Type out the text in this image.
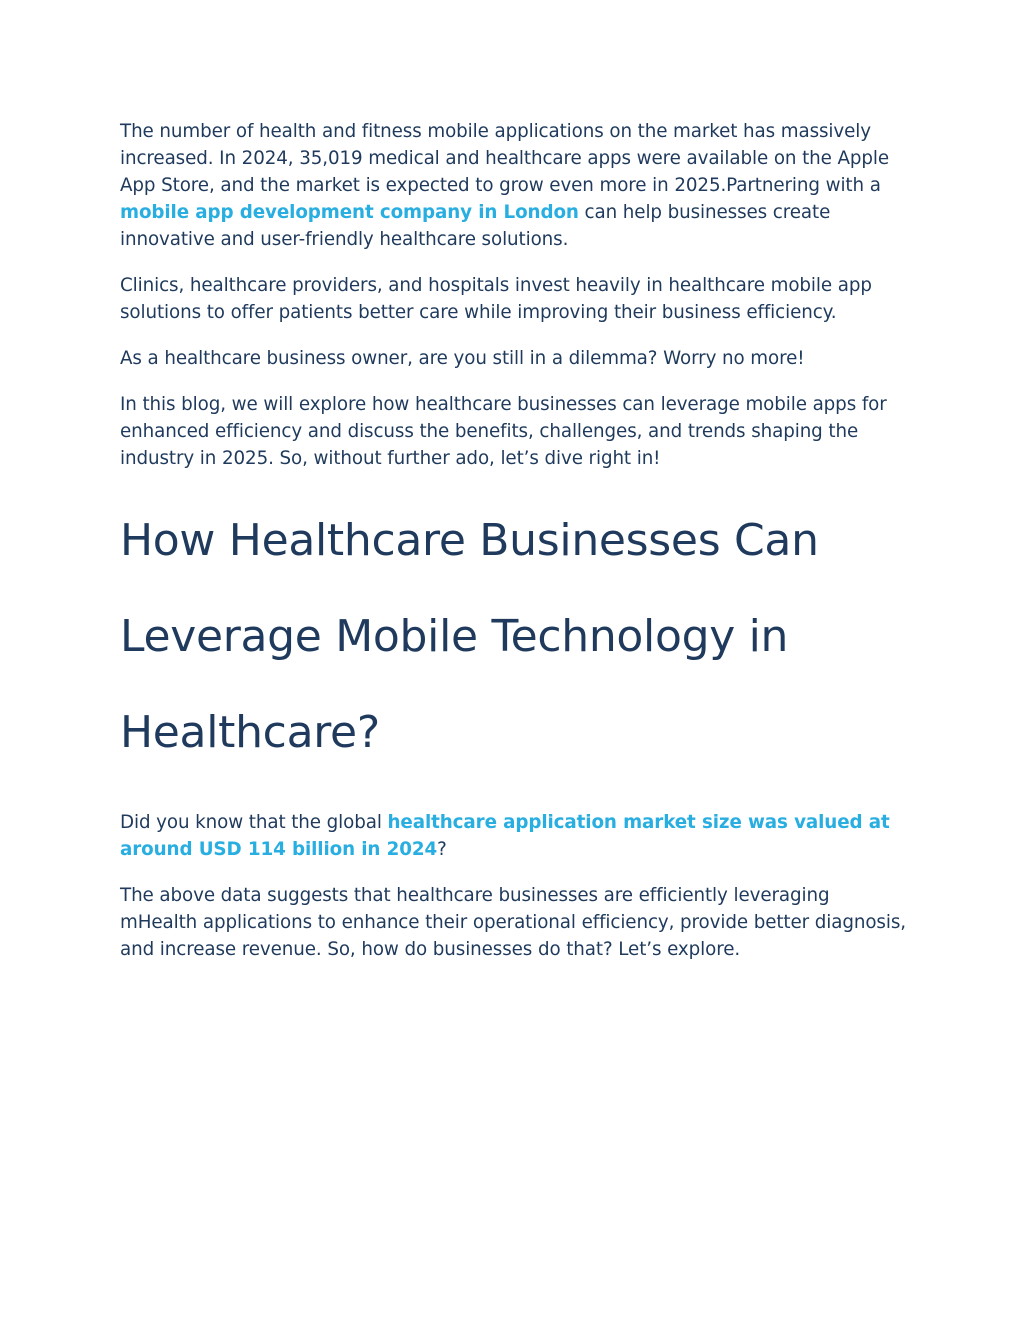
The number of health and fitness mobile applications on the market has massively increased. In 2024, 35,019 medical and healthcare apps were available on the Apple App Store, and the market is expected to grow even more in 2025.Partnering with a mobile app development company in London can help businesses create innovative and user-friendly healthcare solutions.

Clinics, healthcare providers, and hospitals invest heavily in healthcare mobile app solutions to offer patients better care while improving their business efficiency.

As a healthcare business owner, are you still in a dilemma? Worry no more!

In this blog, we will explore how healthcare businesses can leverage mobile apps for enhanced efficiency and discuss the benefits, challenges, and trends shaping the industry in 2025. So, without further ado, let’s dive right in!

How Healthcare Businesses Can Leverage Mobile Technology in Healthcare?

Did you know that the global healthcare application market size was valued at around USD 114 billion in 2024?

The above data suggests that healthcare businesses are efficiently leveraging mHealth applications to enhance their operational efficiency, provide better diagnosis, and increase revenue. So, how do businesses do that? Let’s explore.
